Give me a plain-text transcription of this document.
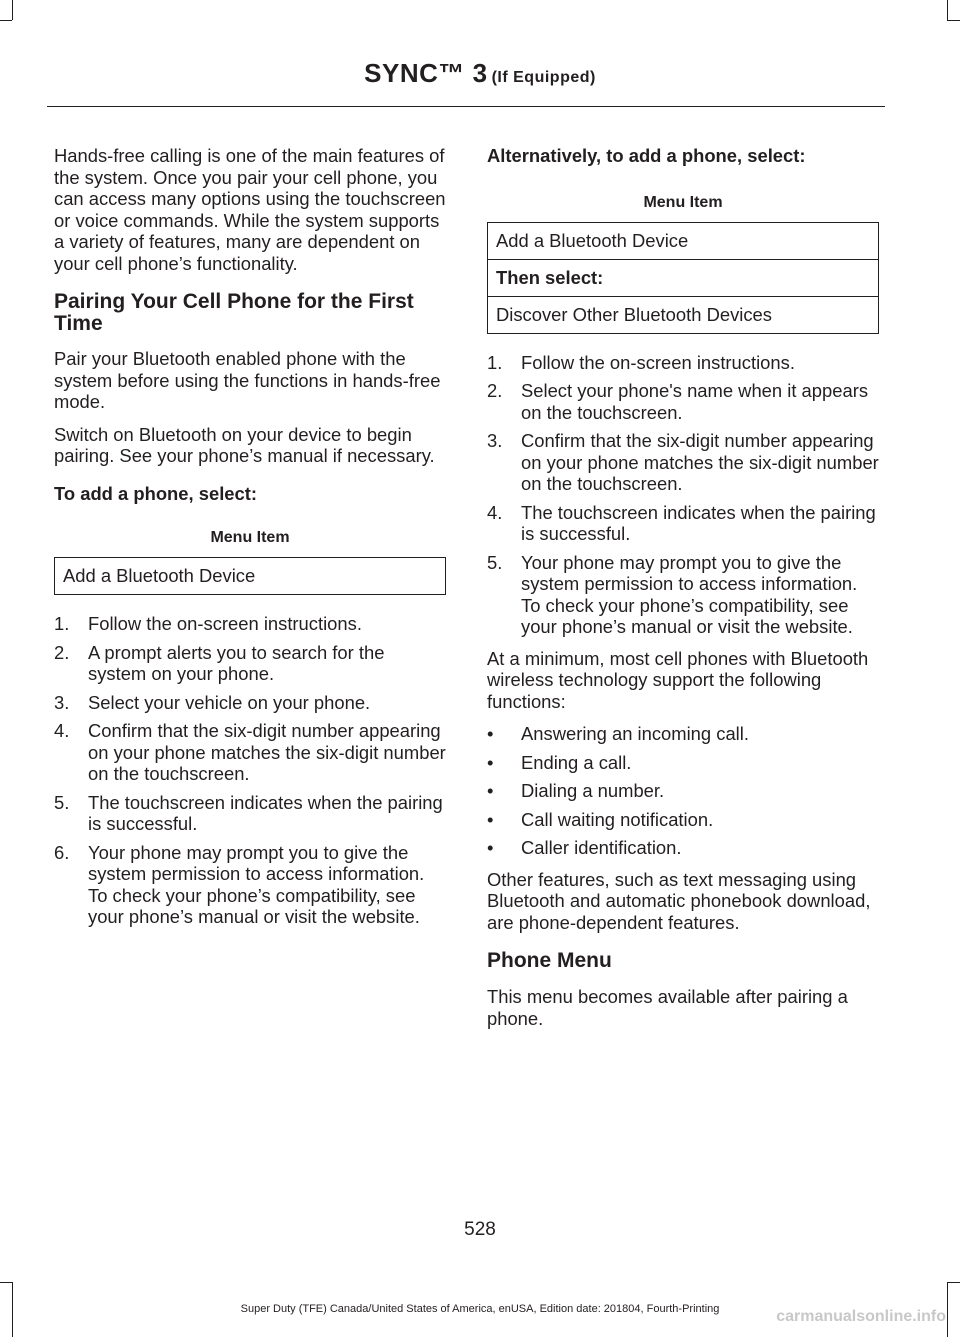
SYNC™ 3 (If Equipped)

Hands-free calling is one of the main features of the system. Once you pair your cell phone, you can access many options using the touchscreen or voice commands. While the system supports a variety of features, many are dependent on your cell phone’s functionality.

Pairing Your Cell Phone for the First Time

Pair your Bluetooth enabled phone with the system before using the functions in hands-free mode.

Switch on Bluetooth on your device to begin pairing. See your phone’s manual if necessary.

To add a phone, select:
Menu Item
Add a Bluetooth Device
1. Follow the on-screen instructions.
2. A prompt alerts you to search for the system on your phone.
3. Select your vehicle on your phone.
4. Confirm that the six-digit number appearing on your phone matches the six-digit number on the touchscreen.
5. The touchscreen indicates when the pairing is successful.
6. Your phone may prompt you to give the system permission to access information. To check your phone’s compatibility, see your phone’s manual or visit the website.
Alternatively, to add a phone, select:
Menu Item
Add a Bluetooth Device
Then select:
Discover Other Bluetooth Devices
1. Follow the on-screen instructions.
2. Select your phone's name when it appears on the touchscreen.
3. Confirm that the six-digit number appearing on your phone matches the six-digit number on the touchscreen.
4. The touchscreen indicates when the pairing is successful.
5. Your phone may prompt you to give the system permission to access information. To check your phone’s compatibility, see your phone’s manual or visit the website.

At a minimum, most cell phones with Bluetooth wireless technology support the following functions:

• Answering an incoming call.
• Ending a call.
• Dialing a number.
• Call waiting notification.
• Caller identification.

Other features, such as text messaging using Bluetooth and automatic phonebook download, are phone-dependent features.

Phone Menu

This menu becomes available after pairing a phone.

528
Super Duty (TFE) Canada/United States of America, enUSA, Edition date: 201804, Fourth-Printing	carmanualsonline.info
